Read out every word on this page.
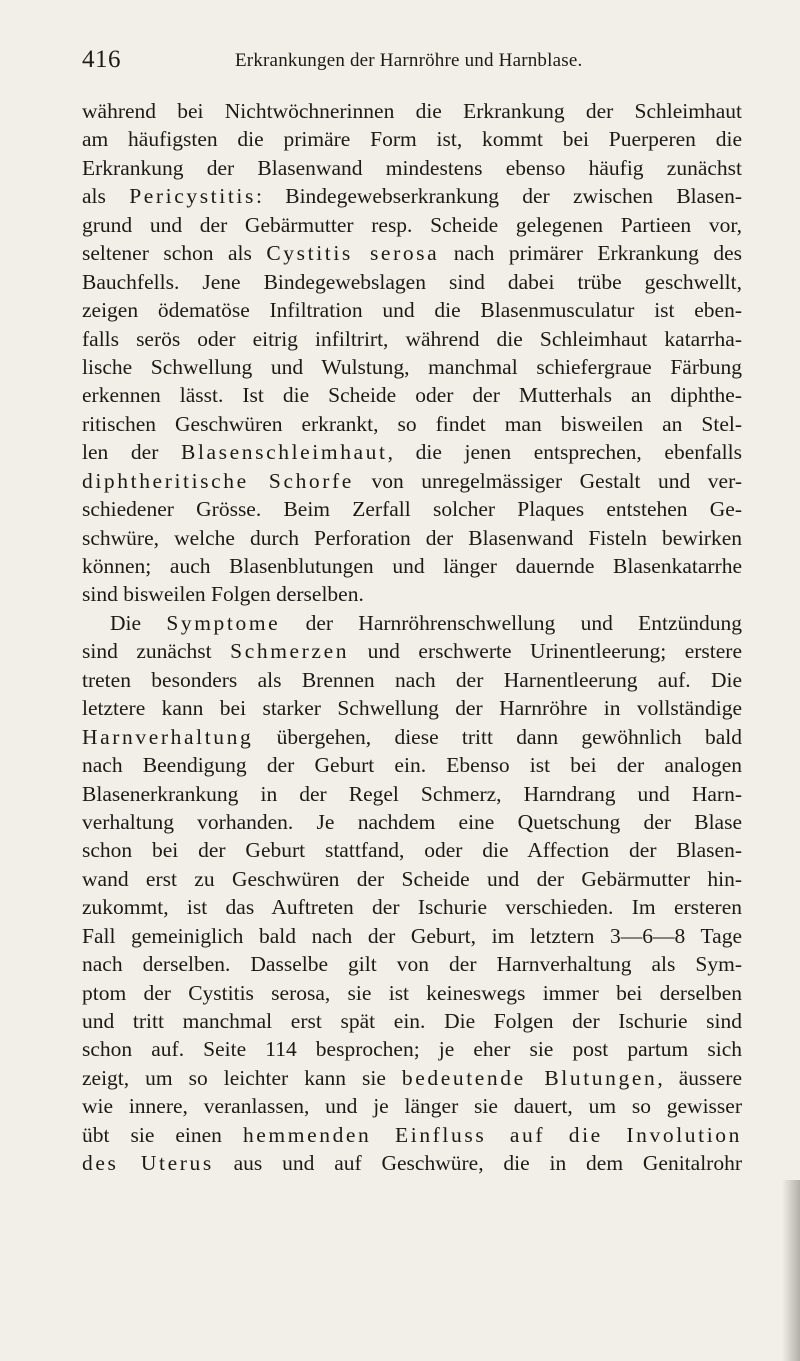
416	Erkrankungen der Harnröhre und Harnblase.
während bei Nichtwöchnerinnen die Erkrankung der Schleimhaut
am häufigsten die primäre Form ist, kommt bei Puerperen die
Erkrankung der Blasenwand mindestens ebenso häufig zunächst
als Pericystitis: Bindegewebserkrankung der zwischen Blasen-
grund und der Gebärmutter resp. Scheide gelegenen Partieen vor,
seltener schon als Cystitis serosa nach primärer Erkrankung des
Bauchfells. Jene Bindegewebslagen sind dabei trübe geschwellt,
zeigen ödematöse Infiltration und die Blasenmusculatur ist eben-
falls serös oder eitrig infiltrirt, während die Schleimhaut katarrha-
lische Schwellung und Wulstung, manchmal schiefergraue Färbung
erkennen lässt. Ist die Scheide oder der Mutterhals an diphthe-
ritischen Geschwüren erkrankt, so findet man bisweilen an Stel-
len der Blasenschleimhaut, die jenen entsprechen, ebenfalls
diphtheritische Schorfe von unregelmässiger Gestalt und ver-
schiedener Grösse. Beim Zerfall solcher Plaques entstehen Ge-
schwüre, welche durch Perforation der Blasenwand Fisteln bewirken
können; auch Blasenblutungen und länger dauernde Blasenkatarrhe
sind bisweilen Folgen derselben.
Die Symptome der Harnröhrenschwellung und Entzündung
sind zunächst Schmerzen und erschwerte Urinentleerung; erstere
treten besonders als Brennen nach der Harnentleerung auf. Die
letztere kann bei starker Schwellung der Harnröhre in vollständige
Harnverhaltung übergehen, diese tritt dann gewöhnlich bald
nach Beendigung der Geburt ein. Ebenso ist bei der analogen
Blasenerkrankung in der Regel Schmerz, Harndrang und Harn-
verhaltung vorhanden. Je nachdem eine Quetschung der Blase
schon bei der Geburt stattfand, oder die Affection der Blasen-
wand erst zu Geschwüren der Scheide und der Gebärmutter hin-
zukommt, ist das Auftreten der Ischurie verschieden. Im ersteren
Fall gemeiniglich bald nach der Geburt, im letztern 3—6—8 Tage
nach derselben. Dasselbe gilt von der Harnverhaltung als Sym-
ptom der Cystitis serosa, sie ist keineswegs immer bei derselben
und tritt manchmal erst spät ein. Die Folgen der Ischurie sind
schon auf. Seite 114 besprochen; je eher sie post partum sich
zeigt, um so leichter kann sie bedeutende Blutungen, äussere
wie innere, veranlassen, und je länger sie dauert, um so gewisser
übt sie einen hemmenden Einfluss auf die Involution
des Uterus aus und auf Geschwüre, die in dem Genitalrohr
